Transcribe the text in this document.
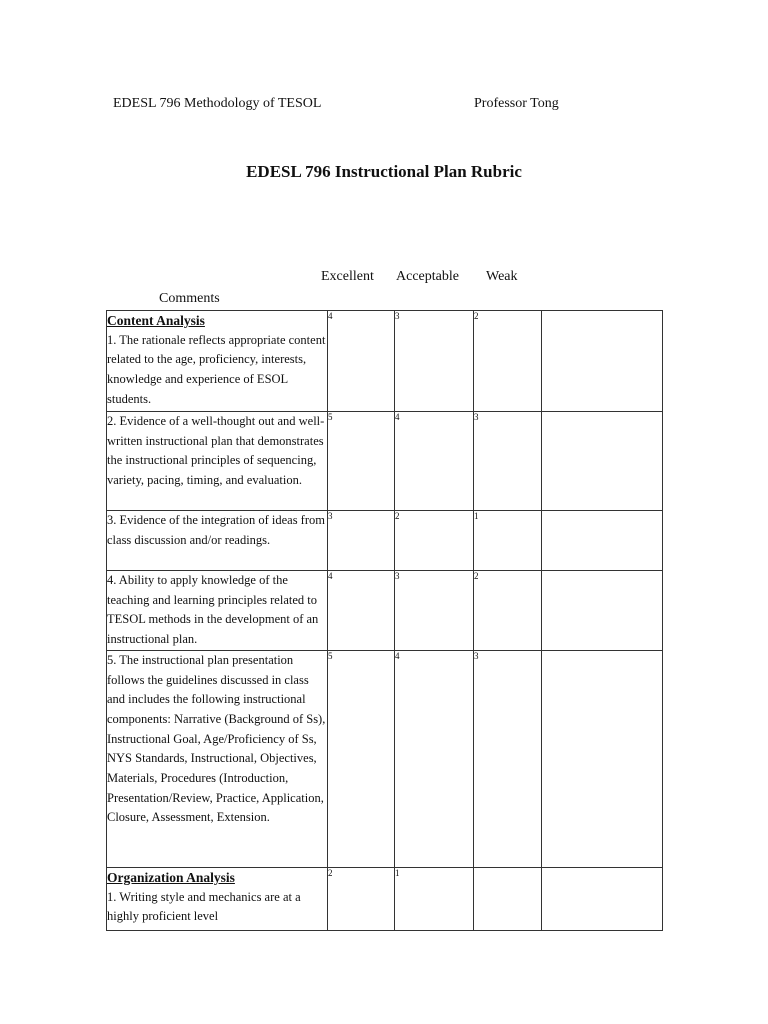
EDESL 796 Methodology of TESOL	Professor Tong
EDESL 796 Instructional Plan Rubric
Excellent Acceptable Weak
Comments
Content Analysis
1. The rationale reflects appropriate content related to the age, proficiency, interests, knowledge and experience of ESOL students.	4	3	2	

2. Evidence of a well-thought out and well-written instructional plan that demonstrates the instructional principles of sequencing, variety, pacing, timing, and evaluation.	5	4	3	

3. Evidence of the integration of ideas from class discussion and/or readings.	3	2	1	

4. Ability to apply knowledge of the teaching and learning principles related to TESOL methods in the development of an instructional plan.	4	3	2	

5. The instructional plan presentation follows the guidelines discussed in class and includes the following instructional components: Narrative (Background of Ss), Instructional Goal, Age/Proficiency of Ss, NYS Standards, Instructional, Objectives, Materials, Procedures (Introduction, Presentation/Review, Practice, Application, Closure, Assessment, Extension.	5	4	3	

Organization Analysis
1. Writing style and mechanics are at a highly proficient level	2	1		
